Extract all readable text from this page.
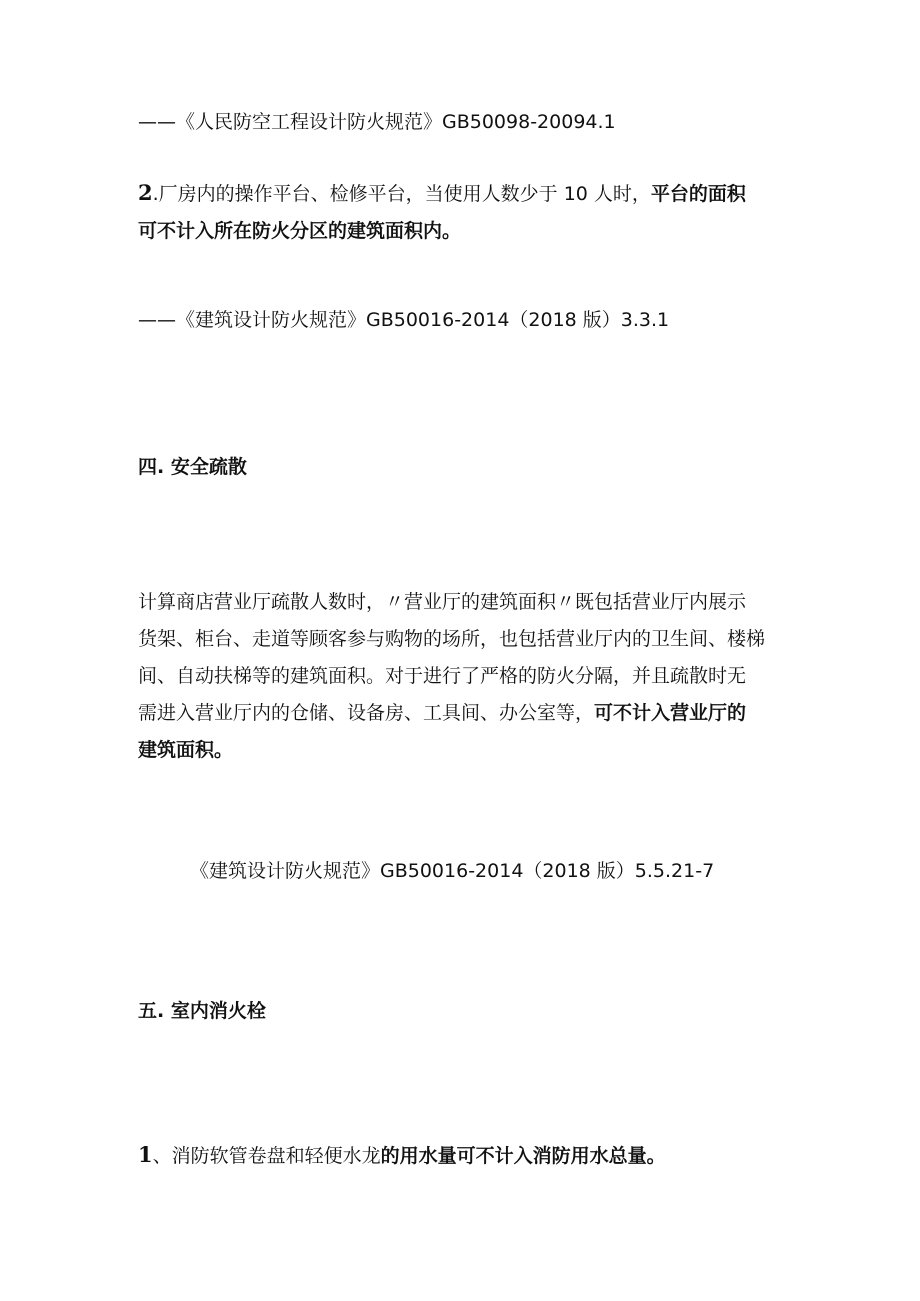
——《人民防空工程设计防火规范》GB50098-20094.1
2.厂房内的操作平台、检修平台，当使用人数少于 10 人时，平台的面积
可不计入所在防火分区的建筑面积内。
——《建筑设计防火规范》GB50016-2014（2018 版）3.3.1
四. 安全疏散
计算商店营业厅疏散人数时，〃营业厅的建筑面积〃既包括营业厅内展示
货架、柜台、走道等顾客参与购物的场所，也包括营业厅内的卫生间、楼梯
间、自动扶梯等的建筑面积。对于进行了严格的防火分隔，并且疏散时无
需进入营业厅内的仓储、设备房、工具间、办公室等，可不计入营业厅的
建筑面积。
《建筑设计防火规范》GB50016-2014（2018 版）5.5.21-7
五. 室内消火栓
1、消防软管卷盘和轻便水龙的用水量可不计入消防用水总量。
